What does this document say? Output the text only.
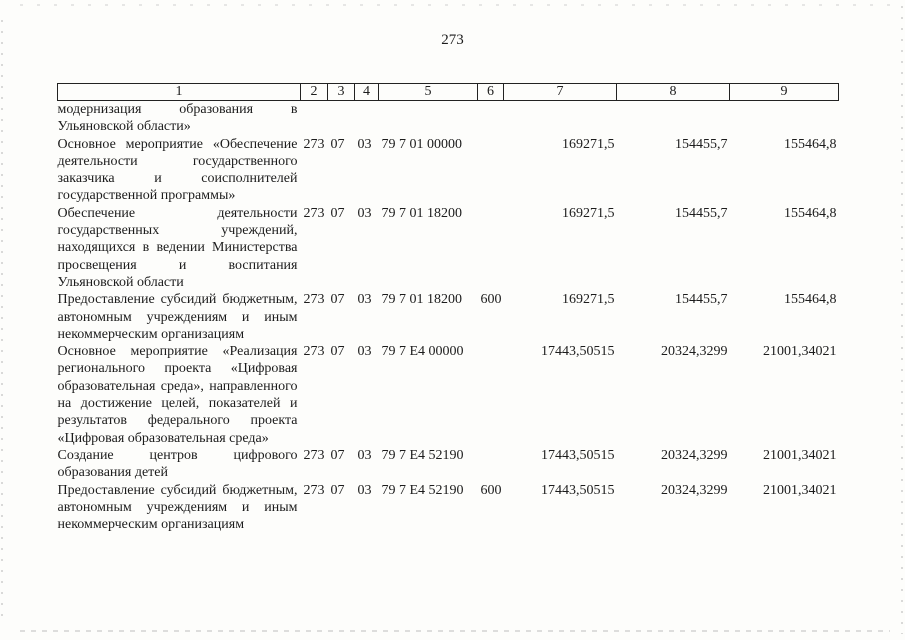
273
1	2	3	4	5	6	7	8	9
модернизация образования в Ульяновской области»								
Основное мероприятие «Обеспечение деятельности государственного заказчика и соисполнителей государственной программы»	273	07	03	79 7 01 00000		169271,5	154455,7	155464,8
Обеспечение деятельности государственных учреждений, находящихся в ведении Министерства просвещения и воспитания Ульяновской области	273	07	03	79 7 01 18200		169271,5	154455,7	155464,8
Предоставление субсидий бюджетным, автономным учреждениям и иным некоммерческим организациям	273	07	03	79 7 01 18200	600	169271,5	154455,7	155464,8
Основное мероприятие «Реализация регионального проекта «Цифровая образовательная среда», направленного на достижение целей, показателей и результатов федерального проекта «Цифровая образовательная среда»	273	07	03	79 7 E4 00000		17443,50515	20324,3299	21001,34021
Создание центров цифрового образования детей	273	07	03	79 7 E4 52190		17443,50515	20324,3299	21001,34021
Предоставление субсидий бюджетным, автономным учреждениям и иным некоммерческим организациям	273	07	03	79 7 E4 52190	600	17443,50515	20324,3299	21001,34021
